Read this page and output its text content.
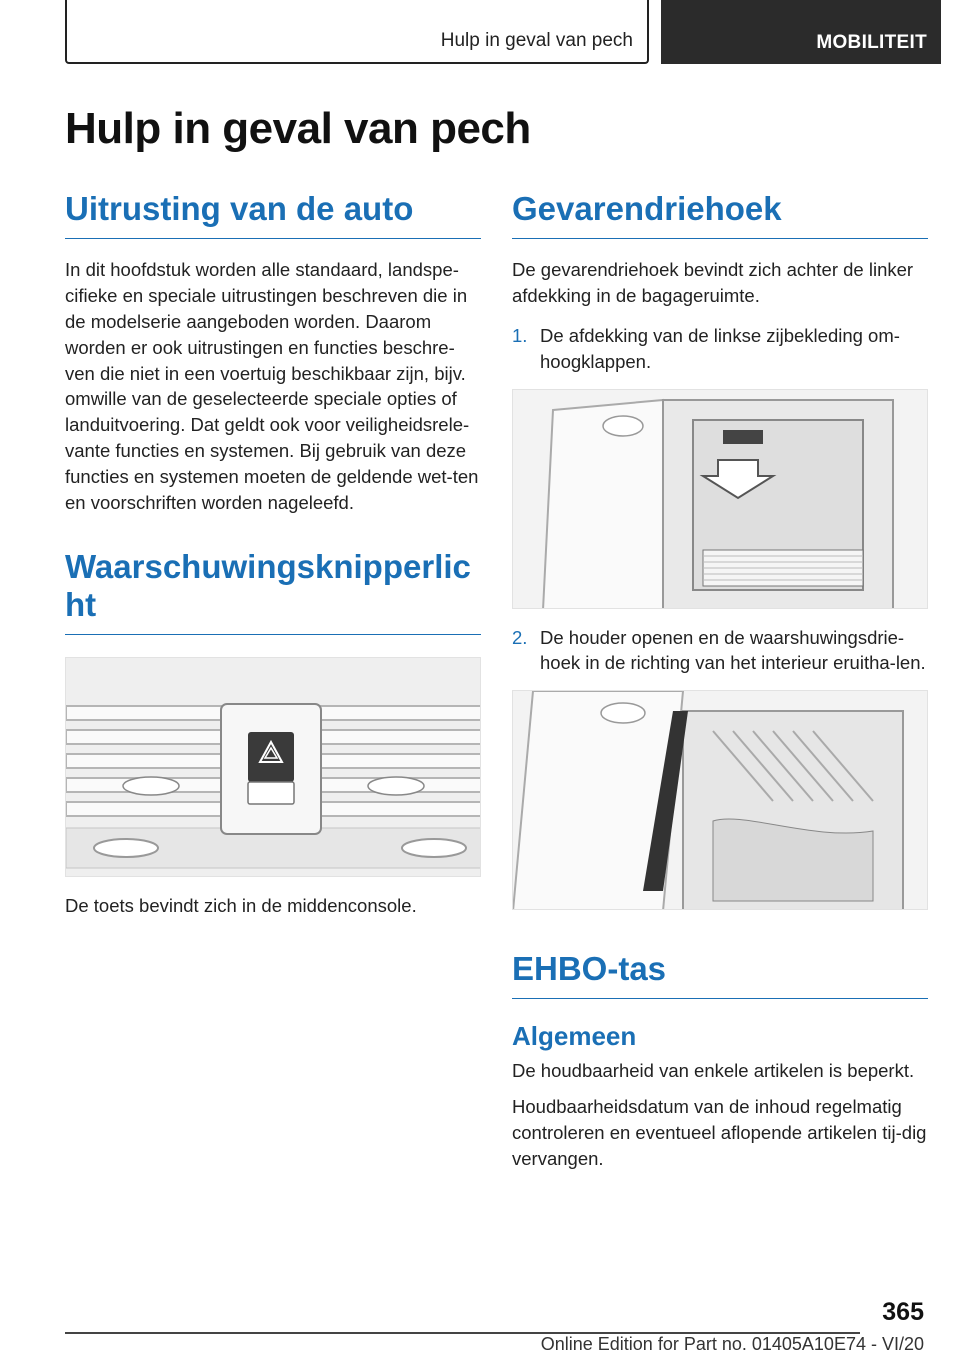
Hulp in geval van pech	MOBILITEIT
Hulp in geval van pech
Uitrusting van de auto

In dit hoofdstuk worden alle standaard, landspe-cifieke en speciale uitrustingen beschreven die in de modelserie aangeboden worden. Daarom worden er ook uitrustingen en functies beschre-ven die niet in een voertuig beschikbaar zijn, bijv. omwille van de geselecteerde speciale opties of landuitvoering. Dat geldt ook voor veiligheidsrele-vante functies en systemen. Bij gebruik van deze functies en systemen moeten de geldende wet-ten en voorschriften worden nageleefd.

Waarschuwingsknipperlicht

De toets bevindt zich in de middenconsole.

Gevarendriehoek

De gevarendriehoek bevindt zich achter de linker afdekking in de bagageruimte.

1. De afdekking van de linkse zijbekleding om-hoogklappen.
2. De houder openen en de waarshuwingsdrie-hoek in de richting van het interieur eruitha-len.
EHBO-tas
Algemeen

De houdbaarheid van enkele artikelen is beperkt.

Houdbaarheidsdatum van de inhoud regelmatig controleren en eventueel aflopende artikelen tij-dig vervangen.

365
Online Edition for Part no. 01405A10E74 - VI/20
